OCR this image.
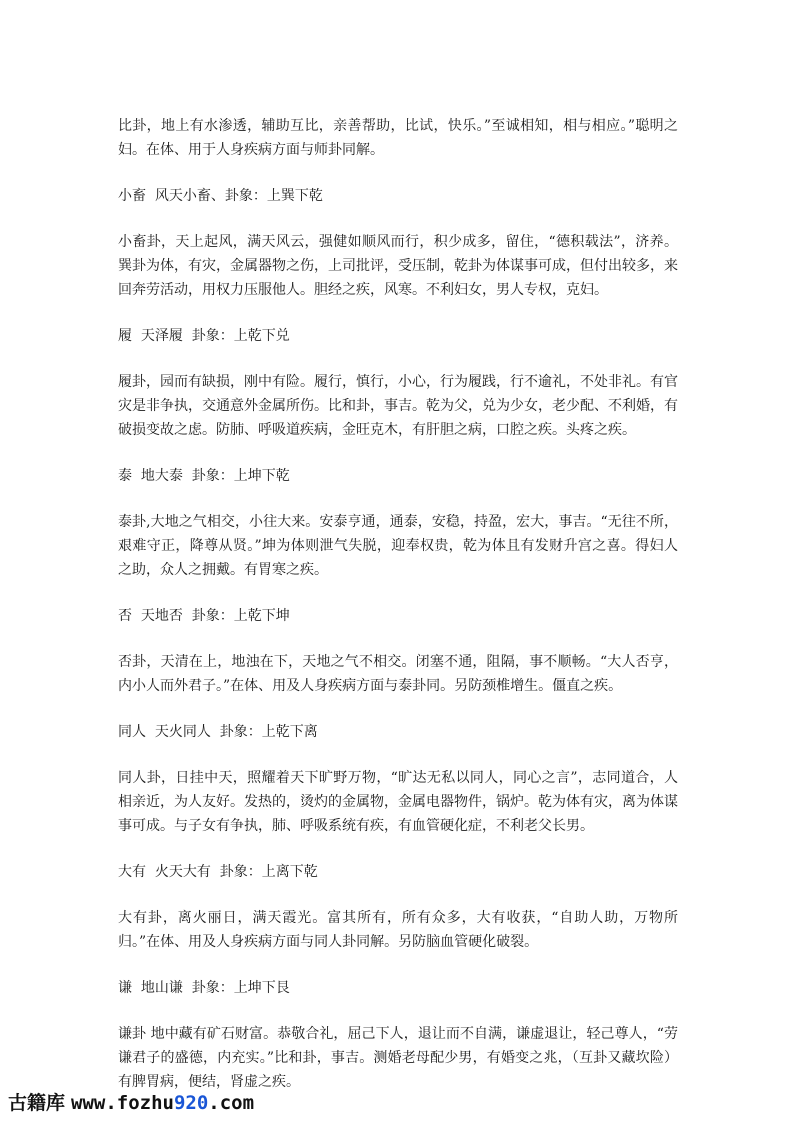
比卦，地上有水渗透，辅助互比，亲善帮助，比试，快乐。”至诚相知，相与相应。”聪明之妇。在体、用于人身疾病方面与师卦同解。

小畜  风天小畜、卦象：上巽下乾

小畜卦，天上起风，满天风云，强健如顺风而行，积少成多，留住，“德积载法”，济养。巽卦为体，有灾，金属器物之伤，上司批评，受压制，乾卦为体谋事可成，但付出较多，来回奔劳活动，用权力压服他人。胆经之疾，风寒。不利妇女，男人专权，克妇。

履  天泽履  卦象：上乾下兑

履卦，园而有缺损，刚中有险。履行，慎行，小心，行为履践，行不逾礼，不处非礼。有官灾是非争执，交通意外金属所伤。比和卦，事吉。乾为父，兑为少女，老少配、不利婚，有破损变故之虑。防肺、呼吸道疾病，金旺克木，有肝胆之病，口腔之疾。头疼之疾。

泰  地大泰  卦象：上坤下乾

泰卦,大地之气相交，小往大来。安泰亨通，通泰，安稳，持盈，宏大，事吉。“无往不所，艰难守正，降尊从贤。”坤为体则泄气失脱，迎奉权贵，乾为体且有发财升宫之喜。得妇人之助，众人之拥戴。有胃寒之疾。

否  天地否  卦象：上乾下坤

否卦，天清在上，地浊在下，天地之气不相交。闭塞不通，阻隔，事不顺畅。“大人否亨，内小人而外君子。”在体、用及人身疾病方面与泰卦同。另防颈椎增生。僵直之疾。

同人  天火同人  卦象：上乾下离

同人卦，日挂中天，照耀着天下旷野万物，“旷达无私以同人，同心之言”，志同道合，人相亲近，为人友好。发热的，烫灼的金属物，金属电器物件，锅炉。乾为体有灾，离为体谋事可成。与子女有争执，肺、呼吸系统有疾，有血管硬化症，不利老父长男。

大有  火天大有  卦象：上离下乾

大有卦，离火丽日，满天霞光。富其所有，所有众多，大有收获，“自助人助，万物所归。”在体、用及人身疾病方面与同人卦同解。另防脑血管硬化破裂。

谦  地山谦  卦象：上坤下艮

谦卦 地中藏有矿石财富。恭敬合礼，屈己下人，退让而不自满，谦虚退让，轻己尊人，“劳谦君子的盛德，内充实。”比和卦，事吉。测婚老母配少男，有婚变之兆，（互卦又藏坎险）有脾胃病，便结，肾虚之疾。

古籍库 www.fozhu920.com
